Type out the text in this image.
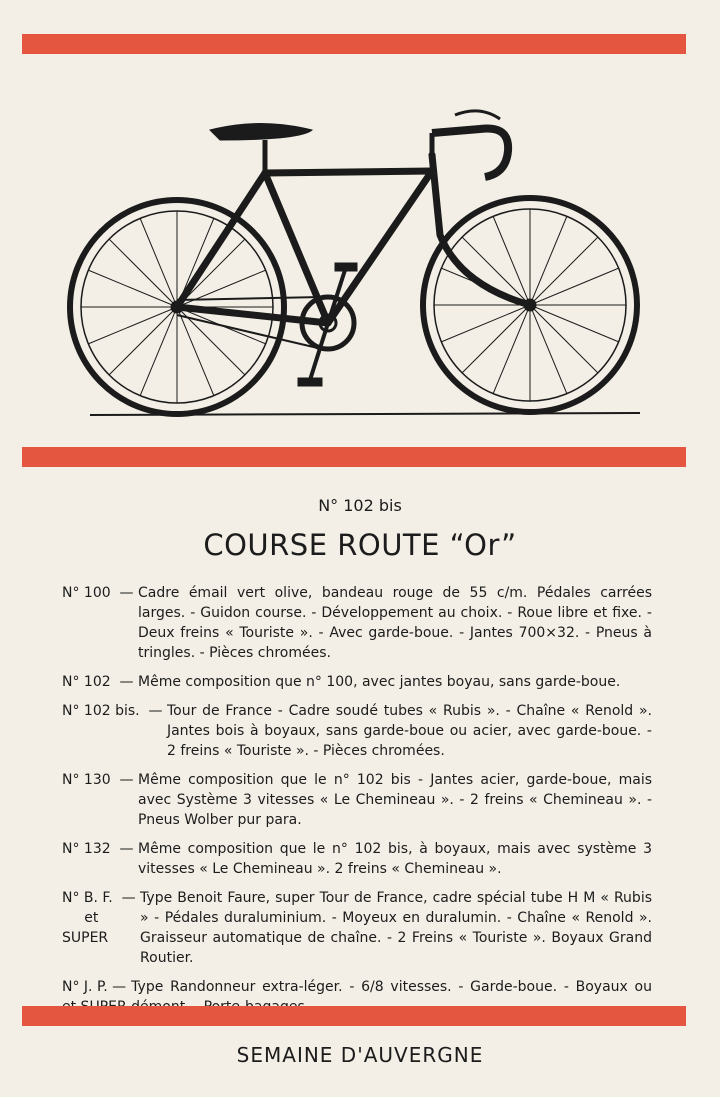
N° 102 bis
COURSE ROUTE “Or”
N° 100  — Cadre émail vert olive, bandeau rouge de 55 c/m. Pédales carrées larges. - Guidon course. - Développement au choix. - Roue libre et fixe. - Deux freins « Touriste ». - Avec garde-boue. - Jantes 700×32. - Pneus à tringles. - Pièces chromées.
N° 102  — Même composition que n° 100, avec jantes boyau, sans garde-boue.
N° 102 bis.  — Tour de France - Cadre soudé tubes « Rubis ». - Chaîne « Renold ». Jantes bois à boyaux, sans garde-boue ou acier, avec garde-boue. - 2 freins « Touriste ». - Pièces chromées.
N° 130  — Même composition que le n° 102 bis - Jantes acier, garde-boue, mais avec Système 3 vitesses « Le Chemineau ». - 2 freins « Chemineau ». - Pneus Wolber pur para.
N° 132  — Même composition que le n° 102 bis, à boyaux, mais avec système 3 vitesses « Le Chemineau ». 2 freins « Chemineau ».
N° B. F.  —
et
SUPER
Type Benoit Faure, super Tour de France, cadre spécial tube H M « Rubis » - Pédales duraluminium. - Moyeux en duralumin. - Chaîne « Renold ». Graisseur automatique de chaîne. - 2 Freins « Touriste ». Boyaux Grand Routier.
N° J. P. —
Type Randonneur extra-léger. - 6/8 vitesses. - Garde-boue. - Boyaux ou
SEMAINE D'AUVERGNE
